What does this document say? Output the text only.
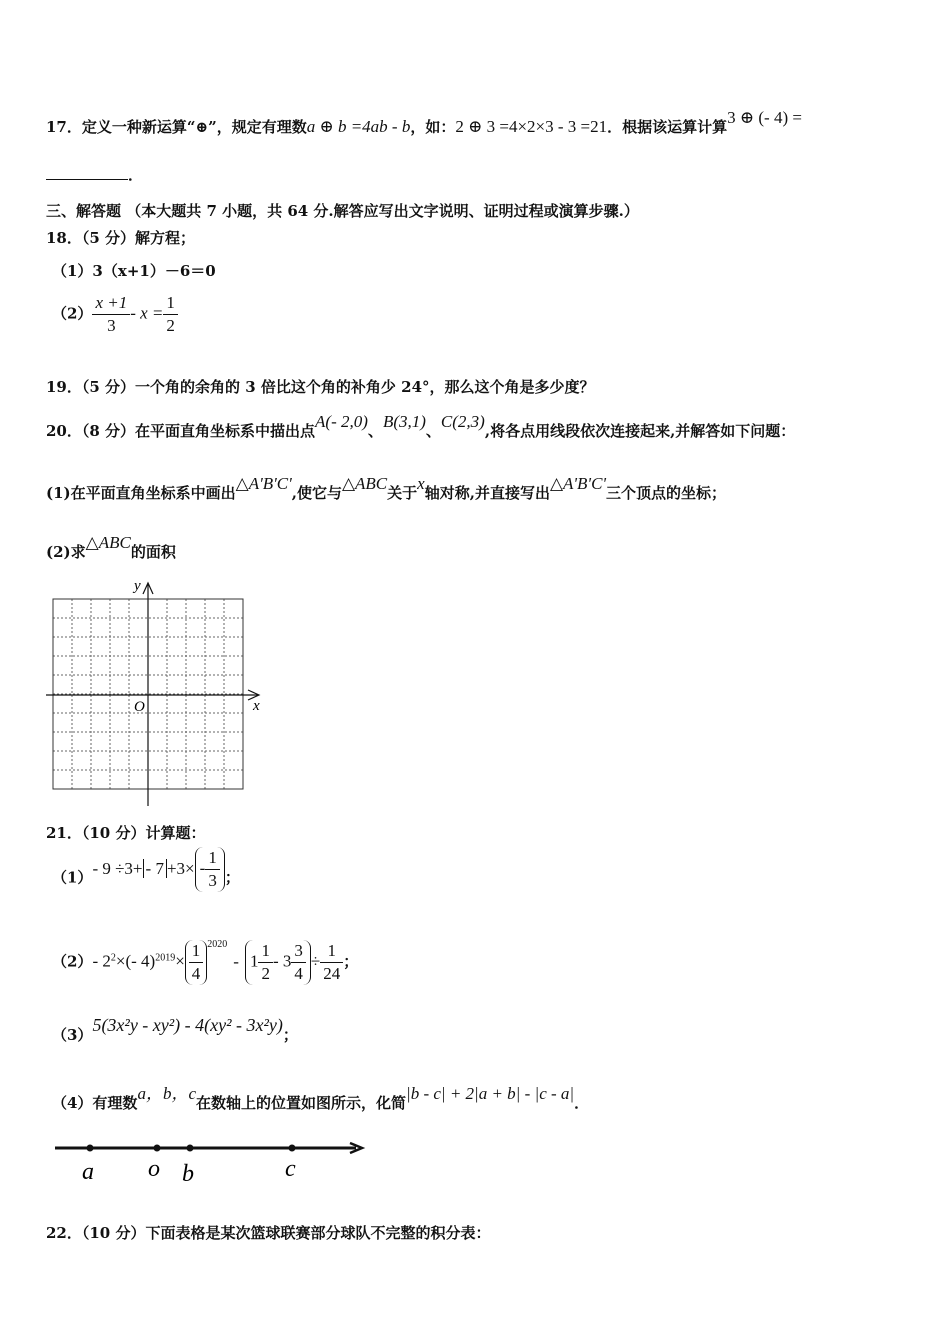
17．定义一种新运算“⊕”，规定有理数a ⊕ b =4ab - b，如：2 ⊕ 3 =4×2×3 - 3 =21．根据该运算计算3 ⊕ (- 4) =
．
三、解答题 （本大题共 7 小题，共 64 分.解答应写出文字说明、证明过程或演算步骤.）
18．（5 分）解方程；
（1）3（x+1）－6＝0
$(2) \frac{x +1}{3} - x = \frac{1}{2}$
19．（5 分）一个角的余角的 3 倍比这个角的补角少 24°，那么这个角是多少度？
20．（8 分）在平面直角坐标系中描出点A(- 2,0)、B(3,1)、C(2,3),将各点用线段依次连接起来,并解答如下问题：
(1)在平面直角坐标系中画出△A'B'C',使它与△ABC关于x轴对称,并直接写出△A'B'C'三个顶点的坐标；
(2)求△ABC的面积
y
x
O
21．（10 分）计算题：
（1）- $9 \div 3+ - 7 +3\times - \frac{1}{3}$ ；
（2）- $2^2\times(-$ $4)^{2019}\times \frac{1}{4} ^{2020}-$ $1 \frac{1}{2} - 3 \frac{3}{4} \div \frac{1}{24}$ ；
（3）5(3x²y - xy²) - 4(xy² - 3x²y)；
（4）有理数a，b，c在数轴上的位置如图所示，化简|b - c| + 2|a + b| - |c - a|．
a o b	c
22．（10 分）下面表格是某次篮球联赛部分球队不完整的积分表：
